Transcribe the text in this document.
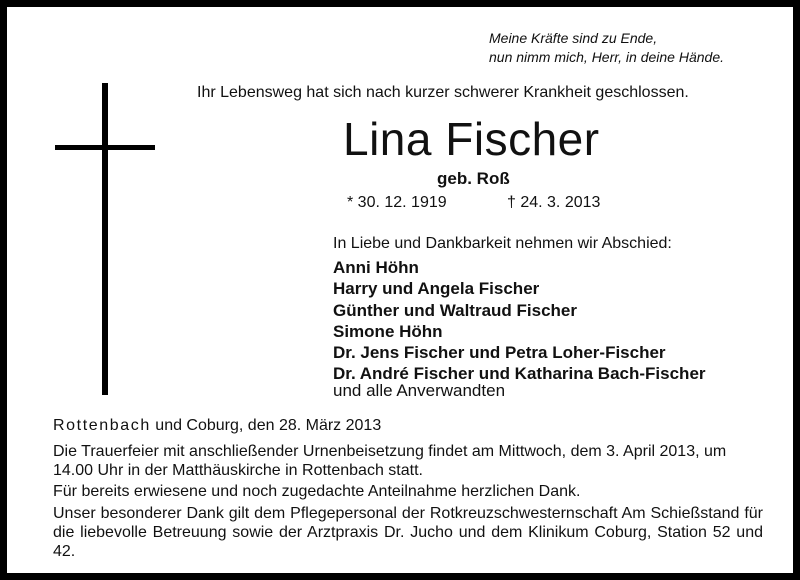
Meine Kräfte sind zu Ende,
nun nimm mich, Herr, in deine Hände.
Ihr Lebensweg hat sich nach kurzer schwerer Krankheit geschlossen.
Lina Fischer
geb. Roß
* 30. 12. 1919	† 24. 3. 2013
In Liebe und Dankbarkeit nehmen wir Abschied:
Anni Höhn
Harry und Angela Fischer
Günther und Waltraud Fischer
Simone Höhn
Dr. Jens Fischer und Petra Loher-Fischer
Dr. André Fischer und Katharina Bach-Fischer
und alle Anverwandten
Rottenbach und Coburg, den 28. März 2013

Die Trauerfeier mit anschließender Urnenbeisetzung findet am Mittwoch, dem 3. April 2013, um 14.00 Uhr in der Matthäuskirche in Rottenbach statt.

Für bereits erwiesene und noch zugedachte Anteilnahme herzlichen Dank.

Unser besonderer Dank gilt dem Pflegepersonal der Rotkreuzschwesternschaft Am Schießstand für die liebevolle Betreuung sowie der Arztpraxis Dr. Jucho und dem Klinikum Coburg, Station 52 und 42.
